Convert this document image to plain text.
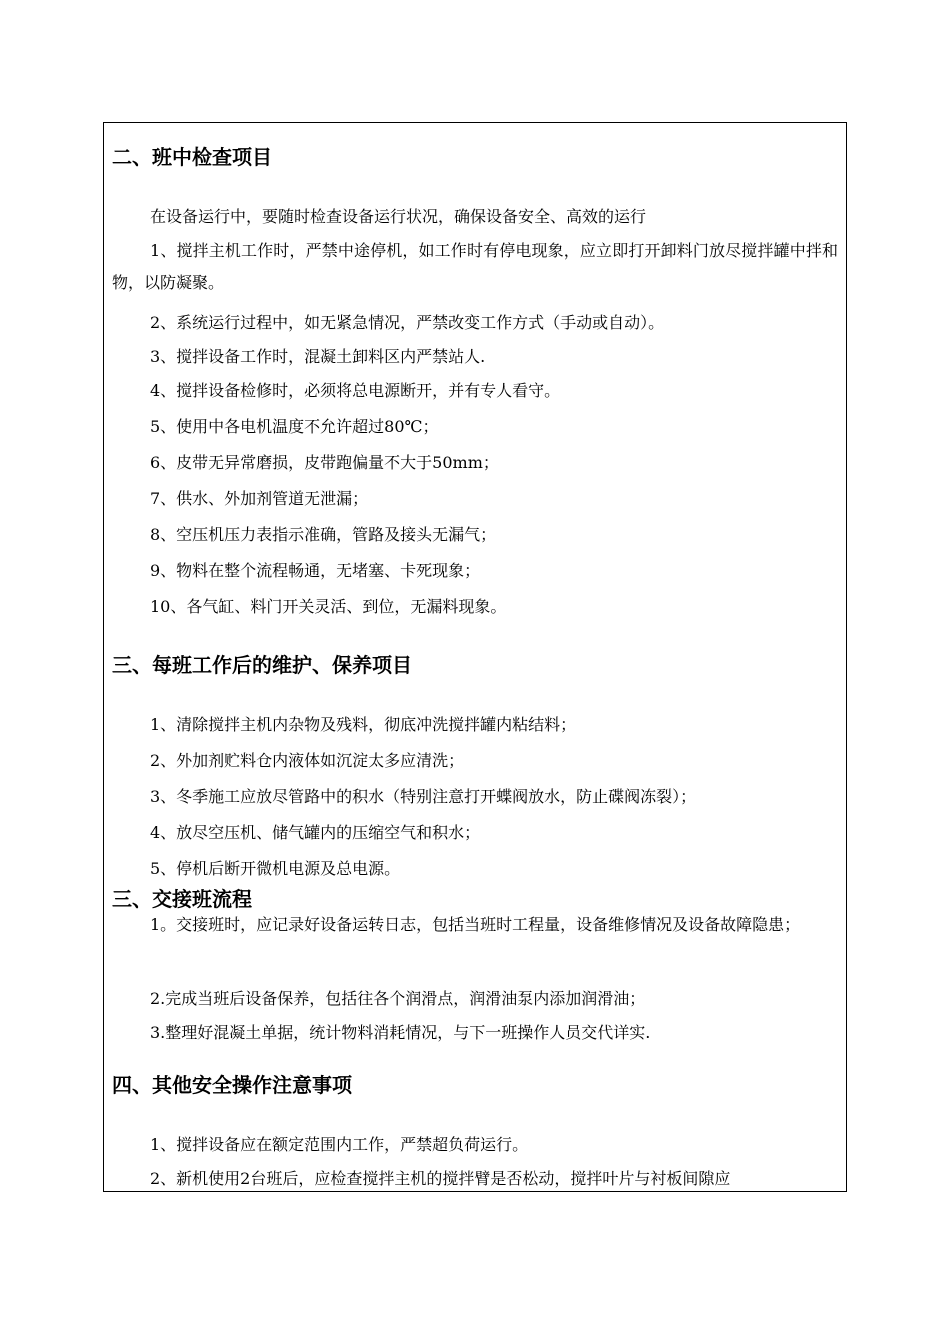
二、班中检查项目

在设备运行中，要随时检查设备运行状况，确保设备安全、高效的运行

1、搅拌主机工作时，严禁中途停机，如工作时有停电现象，应立即打开卸料门放尽搅拌罐中拌和物，以防凝聚。

2、系统运行过程中，如无紧急情况，严禁改变工作方式（手动或自动）。

3、搅拌设备工作时，混凝土卸料区内严禁站人.

4、搅拌设备检修时，必须将总电源断开，并有专人看守。

5、使用中各电机温度不允许超过80℃；

6、皮带无异常磨损，皮带跑偏量不大于50mm；

7、供水、外加剂管道无泄漏；

8、空压机压力表指示准确，管路及接头无漏气；

9、物料在整个流程畅通，无堵塞、卡死现象；

10、各气缸、料门开关灵活、到位，无漏料现象。

三、每班工作后的维护、保养项目

1、清除搅拌主机内杂物及残料，彻底冲洗搅拌罐内粘结料；

2、外加剂贮料仓内液体如沉淀太多应清洗；

3、冬季施工应放尽管路中的积水（特别注意打开蝶阀放水，防止碟阀冻裂）；

4、放尽空压机、储气罐内的压缩空气和积水；

5、停机后断开微机电源及总电源。

三、交接班流程

1。交接班时，应记录好设备运转日志，包括当班时工程量，设备维修情况及设备故障隐患；

2.完成当班后设备保养，包括往各个润滑点，润滑油泵内添加润滑油；

3.整理好混凝土单据，统计物料消耗情况，与下一班操作人员交代详实.

四、其他安全操作注意事项

1、搅拌设备应在额定范围内工作，严禁超负荷运行。

2、新机使用2台班后，应检查搅拌主机的搅拌臂是否松动，搅拌叶片与衬板间隙应
